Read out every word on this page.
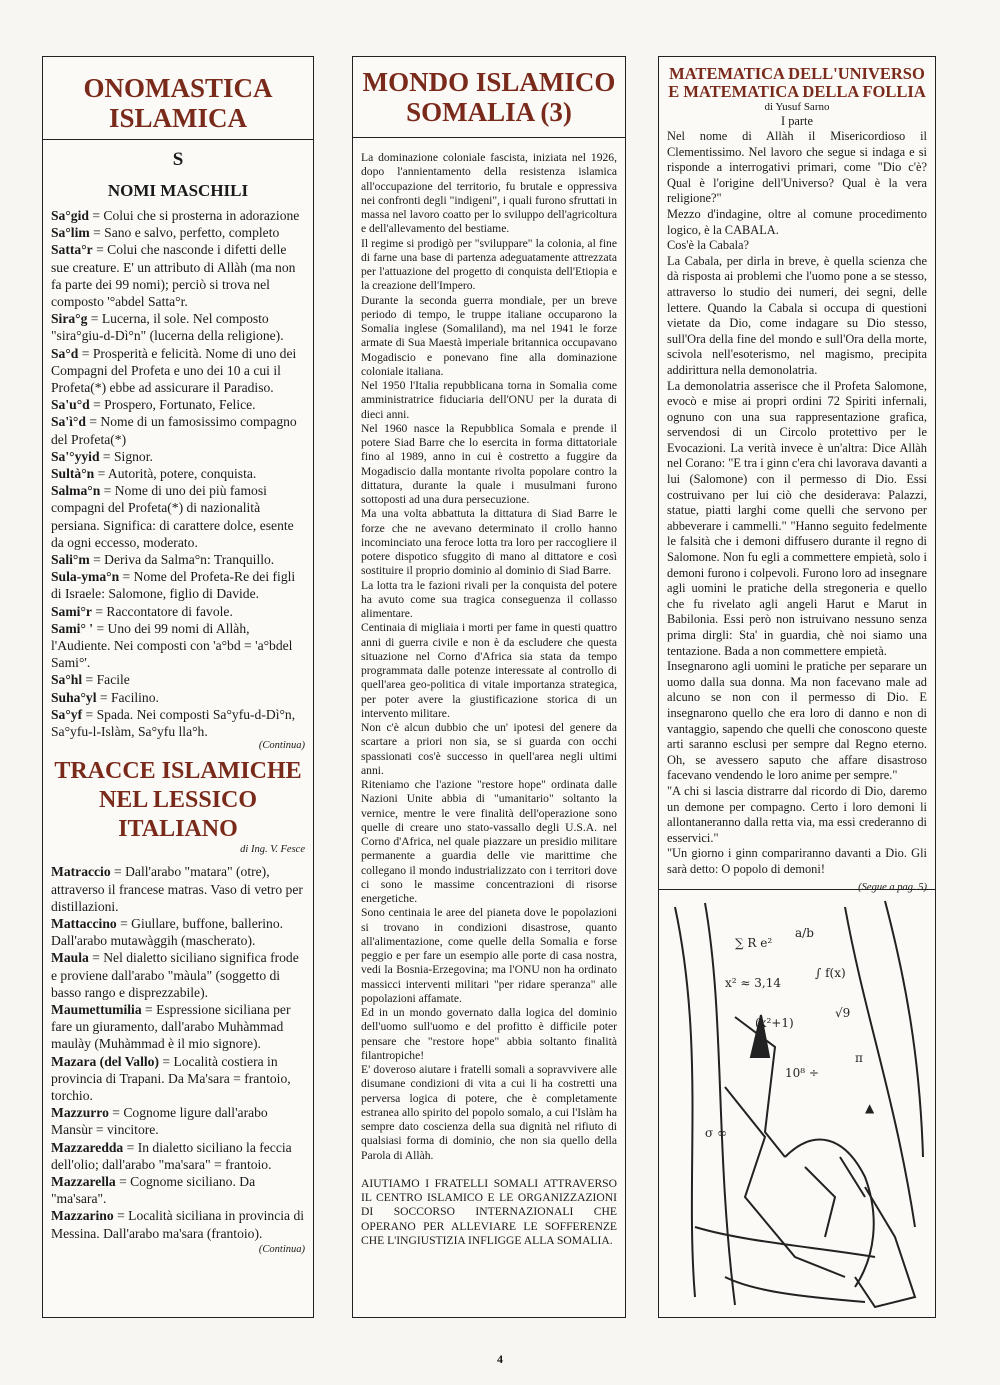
ONOMASTICA ISLAMICA

S

NOMI MASCHILI

Sa°gid = Colui che si prosterna in adorazione

Sa°lim = Sano e salvo, perfetto, completo

Satta°r = Colui che nasconde i difetti delle sue creature. E' un attributo di Allàh (ma non fa parte dei 99 nomi); perciò si trova nel composto '°abdel Satta°r.

Sira°g = Lucerna, il sole. Nel composto "sira°giu-d-Dì°n" (lucerna della religione).

Sa°d = Prosperità e felicità. Nome di uno dei Compagni del Profeta e uno dei 10 a cui il Profeta(*) ebbe ad assicurare il Paradiso.

Sa'u°d = Prospero, Fortunato, Felice.

Sa'ì°d = Nome di un famosissimo compagno del Profeta(*)

Sa'°yyid = Signor.

Sultà°n = Autorità, potere, conquista.

Salma°n = Nome di uno dei più famosi compagni del Profeta(*) di nazionalità persiana. Significa: di carattere dolce, esente da ogni eccesso, moderato.

Sali°m = Deriva da Salma°n: Tranquillo.

Sula-yma°n = Nome del Profeta-Re dei figli di Israele: Salomone, figlio di Davide.

Sami°r = Raccontatore di favole.

Sami° ' = Uno dei 99 nomi di Allàh, l'Audiente. Nei composti con 'a°bd = 'a°bdel Sami°'.

Sa°hl = Facile

Suha°yl = Facilino.

Sa°yf = Spada. Nei composti Sa°yfu-d-Dì°n, Sa°yfu-l-Islàm, Sa°yfu lla°h.

(Continua)

TRACCE ISLAMICHE NEL LESSICO ITALIANO

di Ing. V. Fesce

Matraccio = Dall'arabo "matara" (otre), attraverso il francese matras. Vaso di vetro per distillazioni.

Mattaccino = Giullare, buffone, ballerino. Dall'arabo mutawàggih (mascherato).

Maula = Nel dialetto siciliano significa frode e proviene dall'arabo "màula" (soggetto di basso rango e disprezzabile).

Maumettumilia = Espressione siciliana per fare un giuramento, dall'arabo Muhàmmad maulày (Muhàmmad è il mio signore).

Mazara (del Vallo) = Località costiera in provincia di Trapani. Da Ma'sara = frantoio, torchio.

Mazzurro = Cognome ligure dall'arabo Mansùr = vincitore.

Mazzaredda = In dialetto siciliano la feccia dell'olio; dall'arabo "ma'sara" = frantoio.

Mazzarella = Cognome siciliano. Da "ma'sara".

Mazzarino = Località siciliana in provincia di Messina. Dall'arabo ma'sara (frantoio).

(Continua)

MONDO ISLAMICO SOMALIA (3)

La dominazione coloniale fascista, iniziata nel 1926, dopo l'annientamento della resistenza islamica all'occupazione del territorio, fu brutale e oppressiva nei confronti degli "indigeni", i quali furono sfruttati in massa nel lavoro coatto per lo sviluppo dell'agricoltura e dell'allevamento del bestiame.

Il regime si prodigò per "sviluppare" la colonia, al fine di farne una base di partenza adeguatamente attrezzata per l'attuazione del progetto di conquista dell'Etiopia e la creazione dell'Impero.

Durante la seconda guerra mondiale, per un breve periodo di tempo, le truppe italiane occuparono la Somalia inglese (Somaliland), ma nel 1941 le forze armate di Sua Maestà imperiale britannica occupavano Mogadiscio e ponevano fine alla dominazione coloniale italiana.

Nel 1950 l'Italia repubblicana torna in Somalia come amministratrice fiduciaria dell'ONU per la durata di dieci anni.

Nel 1960 nasce la Repubblica Somala e prende il potere Siad Barre che lo esercita in forma dittatoriale fino al 1989, anno in cui è costretto a fuggire da Mogadiscio dalla montante rivolta popolare contro la dittatura, durante la quale i musulmani furono sottoposti ad una dura persecuzione.

Ma una volta abbattuta la dittatura di Siad Barre le forze che ne avevano determinato il crollo hanno incominciato una feroce lotta tra loro per raccogliere il potere dispotico sfuggito di mano al dittatore e così sostituire il proprio dominio al dominio di Siad Barre.

La lotta tra le fazioni rivali per la conquista del potere ha avuto come sua tragica conseguenza il collasso alimentare.

Centinaia di migliaia i morti per fame in questi quattro anni di guerra civile e non è da escludere che questa situazione nel Corno d'Africa sia stata da tempo programmata dalle potenze interessate al controllo di quell'area geo-politica di vitale importanza strategica, per poter avere la giustificazione storica di un intervento militare.

Non c'è alcun dubbio che un' ipotesi del genere da scartare a priori non sia, se si guarda con occhi spassionati cos'è successo in quell'area negli ultimi anni.

Riteniamo che l'azione "restore hope" ordinata dalle Nazioni Unite abbia di "umanitario" soltanto la vernice, mentre le vere finalità dell'operazione sono quelle di creare uno stato-vassallo degli U.S.A. nel Corno d'Africa, nel quale piazzare un presidio militare permanente a guardia delle vie marittime che collegano il mondo industrializzato con i territori dove ci sono le massime concentrazioni di risorse energetiche.

Sono centinaia le aree del pianeta dove le popolazioni si trovano in condizioni disastrose, quanto all'alimentazione, come quelle della Somalia e forse peggio e per fare un esempio alle porte di casa nostra, vedi la Bosnia-Erzegovina; ma l'ONU non ha ordinato massicci interventi militari "per ridare speranza" alle popolazioni affamate.

Ed in un mondo governato dalla logica del dominio dell'uomo sull'uomo e del profitto è difficile poter pensare che "restore hope" abbia soltanto finalità filantropiche!

E' doveroso aiutare i fratelli somali a sopravvivere alle disumane condizioni di vita a cui li ha costretti una perversa logica di potere, che è completamente estranea allo spirito del popolo somalo, a cui l'Islàm ha sempre dato coscienza della sua dignità nel rifiuto di qualsiasi forma di dominio, che non sia quello della Parola di Allàh.

AIUTIAMO I FRATELLI SOMALI ATTRAVERSO IL CENTRO ISLAMICO E LE ORGANIZZAZIONI DI SOCCORSO INTERNAZIONALI CHE OPERANO PER ALLEVIARE LE SOFFERENZE CHE L'INGIUSTIZIA INFLIGGE ALLA SOMALIA.

MATEMATICA DELL'UNIVERSO E MATEMATICA DELLA FOLLIA

di Yusuf Sarno

I parte

Nel nome di Allàh il Misericordioso il Clementissimo. Nel lavoro che segue si indaga e si risponde a interrogativi primari, come "Dio c'è? Qual è l'origine dell'Universo? Qual è la vera religione?"

Mezzo d'indagine, oltre al comune procedimento logico, è la CABALA.

Cos'è la Cabala?

La Cabala, per dirla in breve, è quella scienza che dà risposta ai problemi che l'uomo pone a se stesso, attraverso lo studio dei numeri, dei segni, delle lettere. Quando la Cabala si occupa di questioni vietate da Dio, come indagare su Dio stesso, sull'Ora della fine del mondo e sull'Ora della morte, scivola nell'esoterismo, nel magismo, precipita addirittura nella demonolatria.

La demonolatria asserisce che il Profeta Salomone, evocò e mise ai propri ordini 72 Spiriti infernali, ognuno con una sua rappresentazione grafica, servendosi di un Circolo protettivo per le Evocazioni. La verità invece è un'altra: Dice Allàh nel Corano: "E tra i ginn c'era chi lavorava davanti a lui (Salomone) con il permesso di Dio. Essi costruivano per lui ciò che desiderava: Palazzi, statue, piatti larghi come quelli che servono per abbeverare i cammelli." "Hanno seguito fedelmente le falsità che i demoni diffusero durante il regno di Salomone. Non fu egli a commettere empietà, solo i demoni furono i colpevoli. Furono loro ad insegnare agli uomini le pratiche della stregoneria e quello che fu rivelato agli angeli Harut e Marut in Babilonia. Essi però non istruivano nessuno senza prima dirgli: Sta' in guardia, chè noi siamo una tentazione. Bada a non commettere empietà.

Insegnarono agli uomini le pratiche per separare un uomo dalla sua donna. Ma non facevano male ad alcuno se non con il permesso di Dio. E insegnarono quello che era loro di danno e non di vantaggio, sapendo che quelli che conoscono queste arti saranno esclusi per sempre dal Regno eterno. Oh, se avessero saputo che affare disastroso facevano vendendo le loro anime per sempre."

"A chi si lascia distrarre dal ricordo di Dio, daremo un demone per compagno. Certo i loro demoni li allontaneranno dalla retta via, ma essi crederanno di esservici."

"Un giorno i ginn compariranno davanti a Dio. Gli sarà detto: O popolo di demoni!

(Segue a pag. 5)

∑ R e²
a/b
x² ≈ 3,14
∫ f(x)
(x²+1)
√9
10⁸ ÷
π
σ ∞
▲
4
